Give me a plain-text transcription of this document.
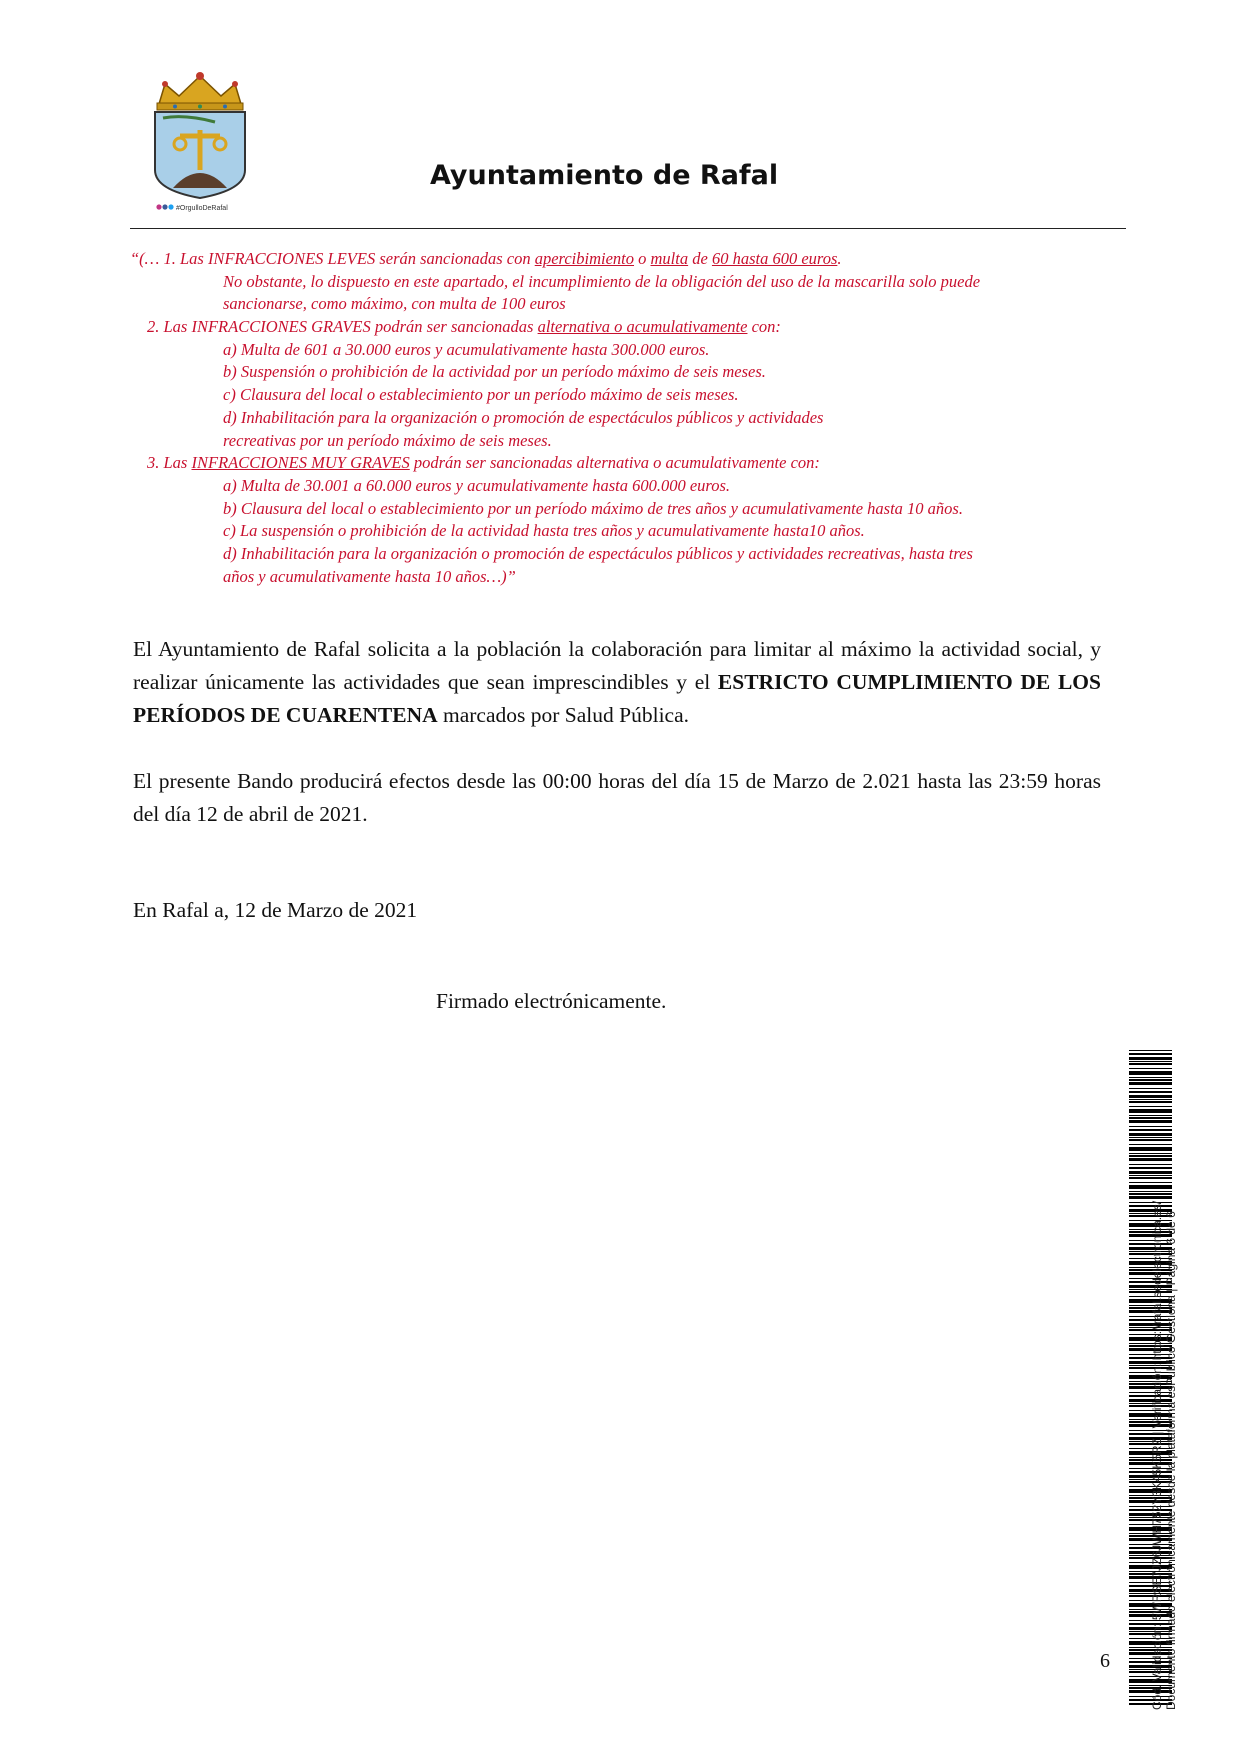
#OrgulloDeRafal
Ayuntamiento de Rafal
“(… 1. Las INFRACCIONES LEVES serán sancionadas con apercibimiento o multa de 60 hasta 600 euros.
No obstante, lo dispuesto en este apartado, el incumplimiento de la obligación del uso de la mascarilla solo puede
sancionarse, como máximo, con multa de 100 euros
2. Las INFRACCIONES GRAVES podrán ser sancionadas alternativa o acumulativamente con:
a) Multa de 601 a 30.000 euros y acumulativamente hasta 300.000 euros.
b) Suspensión o prohibición de la actividad por un período máximo de seis meses.
c) Clausura del local o establecimiento por un período máximo de seis meses.
d) Inhabilitación para la organización o promoción de espectáculos públicos y actividades
recreativas por un período máximo de seis meses.
3. Las INFRACCIONES MUY GRAVES podrán ser sancionadas alternativa o acumulativamente con:
a) Multa de 30.001 a 60.000 euros y acumulativamente hasta 600.000 euros.
b) Clausura del local o establecimiento por un período máximo de tres años y acumulativamente hasta 10 años.
c) La suspensión o prohibición de la actividad hasta tres años y acumulativamente hasta10 años.
d) Inhabilitación para la organización o promoción de espectáculos públicos y actividades recreativas, hasta tres
años y acumulativamente hasta 10 años…)”

El Ayuntamiento de Rafal solicita a la población la colaboración para limitar al máximo la actividad social, y realizar únicamente las actividades que sean imprescindibles y el ESTRICTO CUMPLIMIENTO DE LOS PERÍODOS DE CUARENTENA marcados por Salud Pública.

El presente Bando producirá efectos desde las 00:00 horas del día 15 de Marzo de 2.021 hasta las 23:59 horas del día 12 de abril de 2021.

En Rafal a, 12 de Marzo de 2021

Firmado electrónicamente.

Cód. Validación: 5WRSE7JZ6JWH752Y3K45K5RZ | Verificación: https://rafal.sedelectronica.es/ Documento firmado electrónicamente desde la plataforma esPublico Gestiona | Página 6 de 6
6
